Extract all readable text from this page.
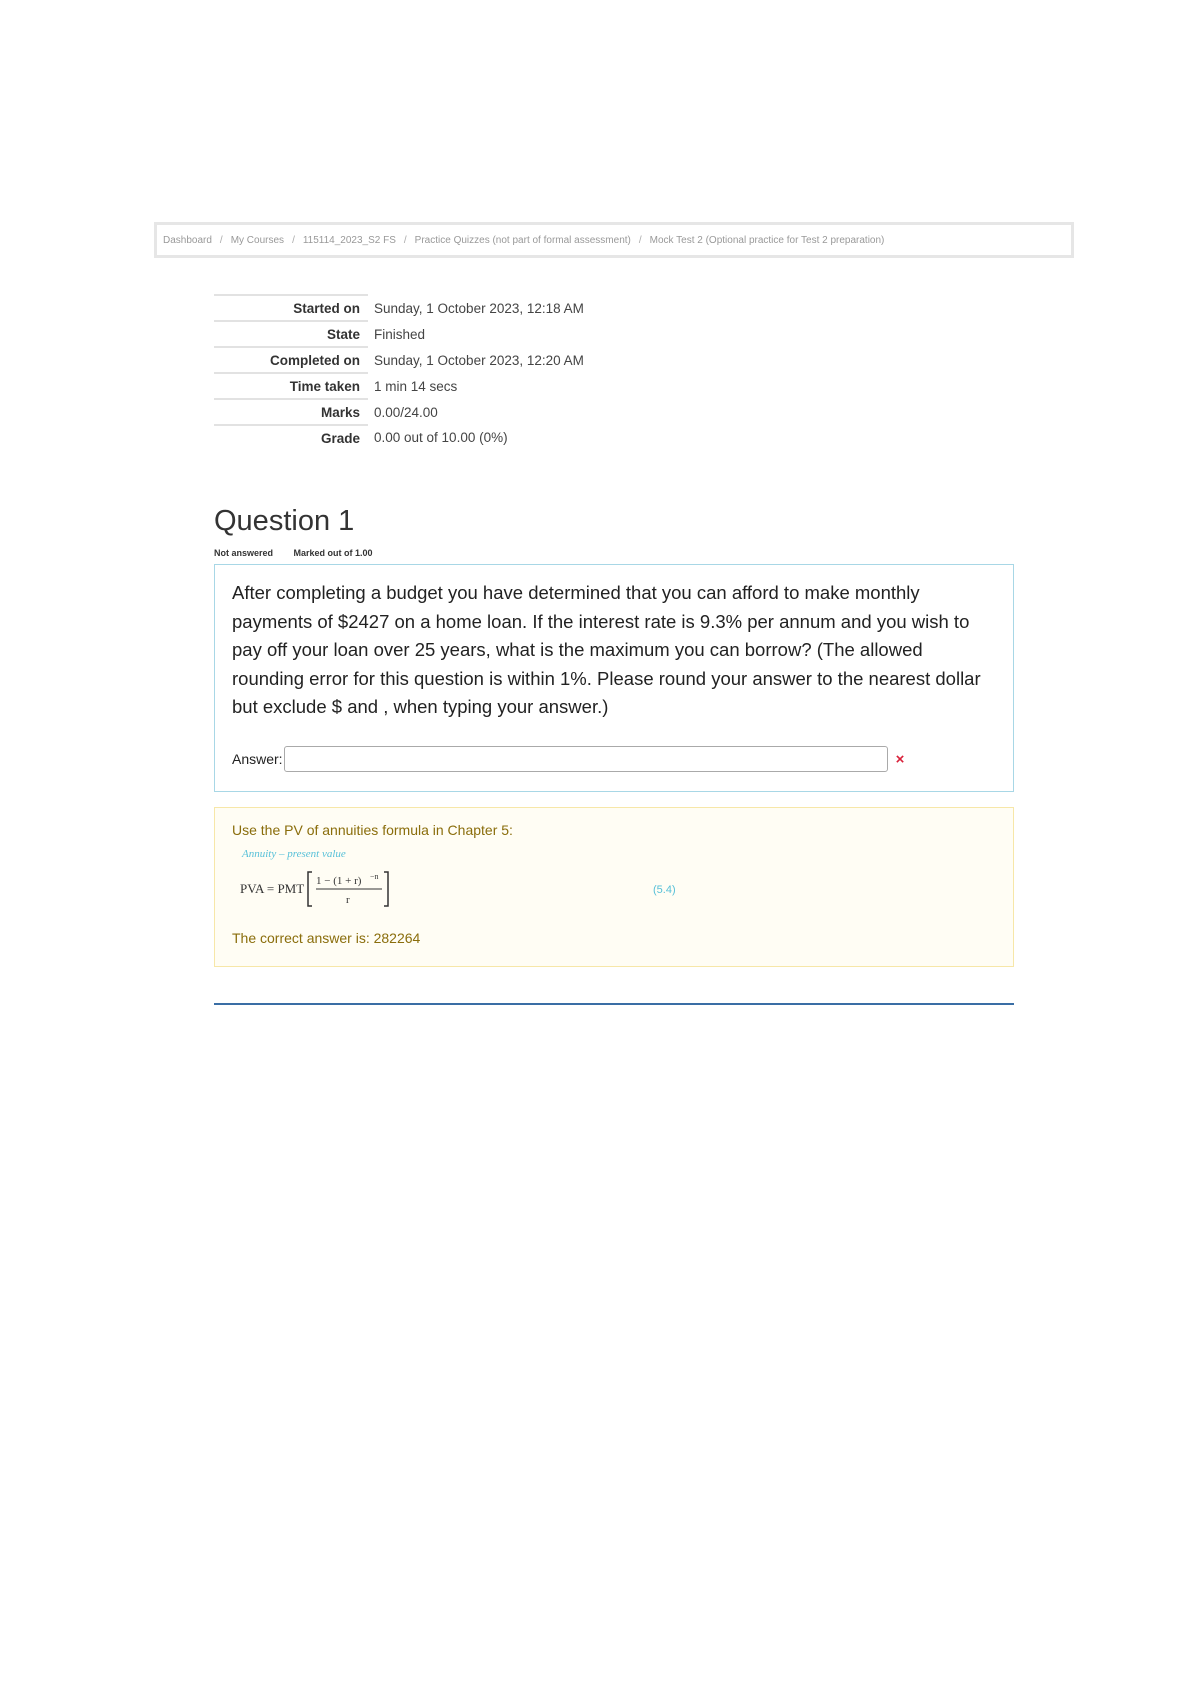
Dashboard / My Courses / 115114_2023_S2 FS / Practice Quizzes (not part of formal assessment) / Mock Test 2 (Optional practice for Test 2 preparation)
Started on	Sunday, 1 October 2023, 12:18 AM
State	Finished
Completed on	Sunday, 1 October 2023, 12:20 AM
Time taken	1 min 14 secs
Marks	0.00/24.00
Grade	0.00 out of 10.00 (0%)
Question 1
Not answered Marked out of 1.00

After completing a budget you have determined that you can afford to make monthly payments of $2427 on a home loan. If the interest rate is 9.3% per annum and you wish to pay off your loan over 25 years, what is the maximum you can borrow? (The allowed rounding error for this question is within 1%. Please round your answer to the nearest dollar but exclude $ and , when typing your answer.)

Answer:	×
Use the PV of annuities formula in Chapter 5:
Annuity – present value
PVA = PMT 1 − (1 + r) −n
r
(5.4)
The correct answer is: 282264
